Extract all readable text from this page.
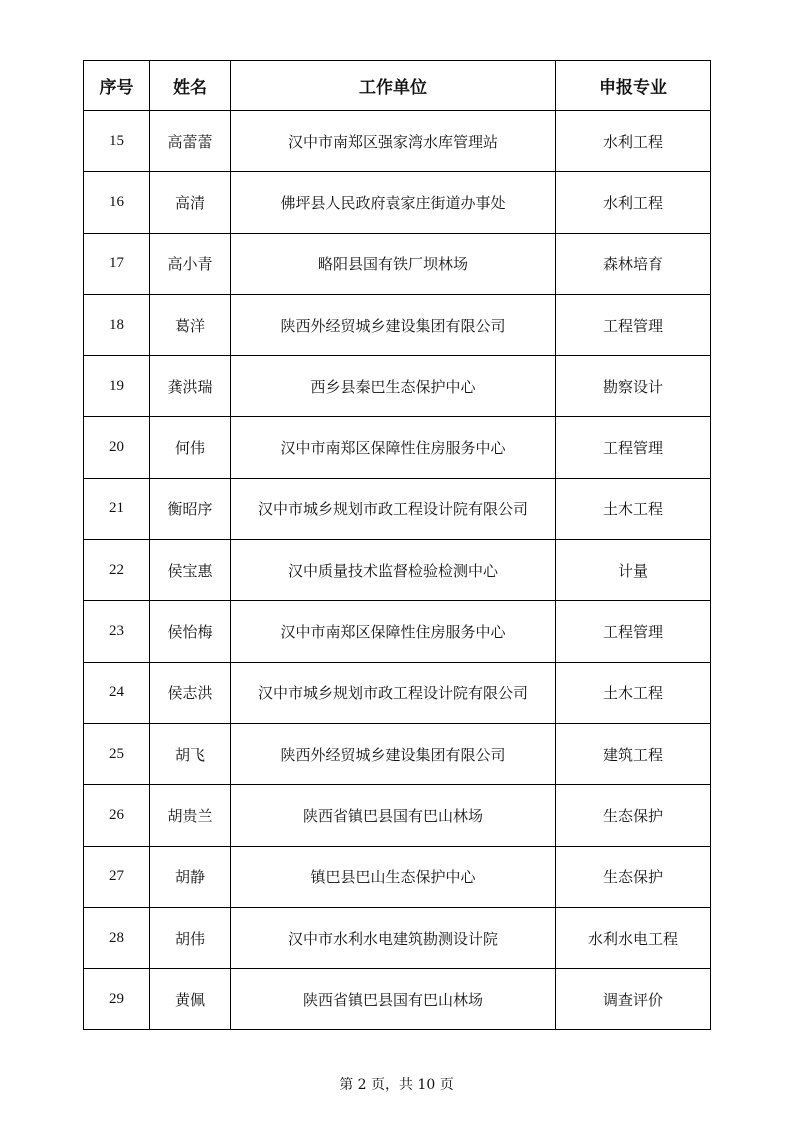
序号	姓名	工作单位	申报专业
15	高蕾蕾	汉中市南郑区强家湾水库管理站	水利工程
16	高清	佛坪县人民政府袁家庄街道办事处	水利工程
17	高小青	略阳县国有铁厂坝林场	森林培育
18	葛洋	陕西外经贸城乡建设集团有限公司	工程管理
19	龚洪瑞	西乡县秦巴生态保护中心	勘察设计
20	何伟	汉中市南郑区保障性住房服务中心	工程管理
21	衡昭序	汉中市城乡规划市政工程设计院有限公司	土木工程
22	侯宝惠	汉中质量技术监督检验检测中心	计量
23	侯怡梅	汉中市南郑区保障性住房服务中心	工程管理
24	侯志洪	汉中市城乡规划市政工程设计院有限公司	土木工程
25	胡飞	陕西外经贸城乡建设集团有限公司	建筑工程
26	胡贵兰	陕西省镇巴县国有巴山林场	生态保护
27	胡静	镇巴县巴山生态保护中心	生态保护
28	胡伟	汉中市水利水电建筑勘测设计院	水利水电工程
29	黄佩	陕西省镇巴县国有巴山林场	调查评价
第 2 页，共 10 页
